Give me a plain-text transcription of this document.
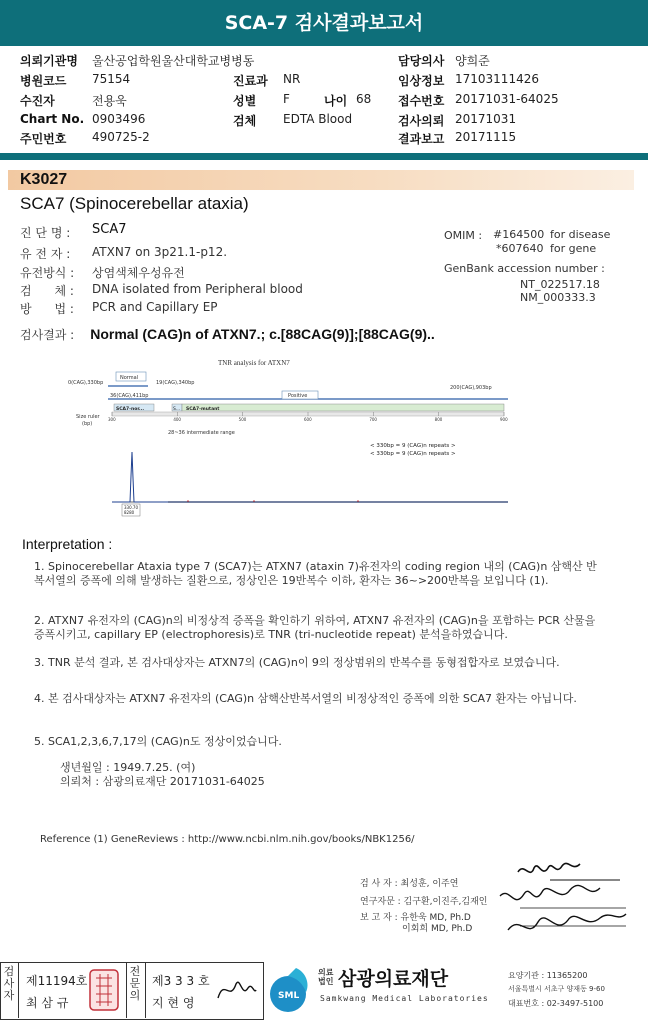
SCA-7 검사결과보고서
의뢰기관명 울산공업학원울산대학교병병동	담당의사 양희준
병원코드 75154	진료과 NR	임상정보 17103111426
수진자	전용욱	성별 F	나이 68 접수번호 20171031-64025
Chart No. 0903496	검체 EDTA Blood	검사의뢰 20171031
주민번호 490725-2	결과보고 20171115
K3027
SCA7 (Spinocerebellar ataxia)
진 단 명 : SCA7
유 전 자 : ATXN7 on 3p21.1-p12.
유전방식 : 상염색체우성유전
검      체 : DNA isolated from Peripheral blood
방      법 : PCR and Capillary EP
OMIM : #164500 for disease
*607640 for gene
GenBank accession number :
NT_022517.18
NM_000333.3
검사결과 : Normal (CAG)n of ATXN7.; c.[88CAG(9)];[88CAG(9)..
TNR analysis for ATXN7
Normal
0(CAG),330bp	19(CAG),340bp
36(CAG),411bp
200(CAG),903bp
Positive
Size ruler
(bp)
300	400	500	600	700	800	900
SCA7-nor...	S... SCA7-mutant
28~36 intermediate range
< 330bp = 9 (CAG)n repeats >
< 330bp = 9 (CAG)n repeats >
330.70
8280
Interpretation :
1. Spinocerebellar Ataxia type 7 (SCA7)는 ATXN7 (ataxin 7)유전자의 coding region 내의 (CAG)n 삼핵산 반복서열의 증폭에 의해 발생하는 질환으로, 정상인은 19반복수 이하, 환자는 36~>200반복을 보입니다 (1).
2. ATXN7 유전자의 (CAG)n의 비정상적 증폭을 확인하기 위하여, ATXN7 유전자의 (CAG)n을 포함하는 PCR 산물을 증폭시키고, capillary EP (electrophoresis)로 TNR (tri-nucleotide repeat) 분석을하였습니다.
3. TNR 분석 결과, 본 검사대상자는 ATXN7의 (CAG)n이 9의 정상범위의 반복수를 동형접합자로 보였습니다.
4. 본 검사대상자는 ATXN7 유전자의 (CAG)n 삼핵산반복서열의 비정상적인 증폭에 의한 SCA7 환자는 아닙니다.
5. SCA1,2,3,6,7,17의 (CAG)n도 정상이었습니다.
생년월일 : 1949.7.25. (여)
의뢰처 : 삼광의료재단 20171031-64025
Reference (1) GeneReviews : http://www.ncbi.nlm.nih.gov/books/NBK1256/
검 사 자 : 최성훈, 이주연
연구자문 : 김구환,이진주,김재인
보 고 자 : 유한욱 MD, Ph.D
이회희 MD, Ph.D
검
사
자
제11194호
최 삼 규
전
문
의
제3 3 3 호
지 현 영	SML
의료
법인 삼광의료재단
Samkwang Medical Laboratories
요양기관 : 11365200
서울특별시 서초구 양재동 9-60
대표번호 : 02-3497-5100
